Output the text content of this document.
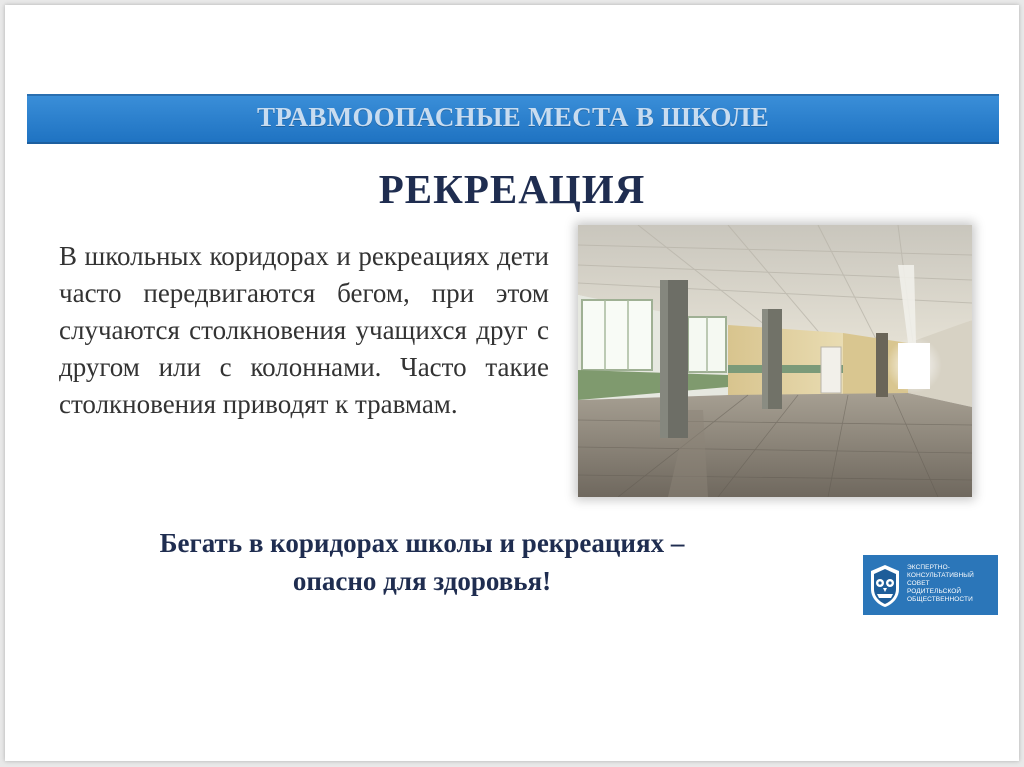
ТРАВМООПАСНЫЕ МЕСТА В ШКОЛЕ
РЕКРЕАЦИЯ
В школьных коридорах и рекреациях дети часто передвигаются бегом, при этом случаются столкновения учащихся друг с другом или с колоннами. Часто такие столкновения приводят к травмам.
Бегать в коридорах школы и рекреациях –
опасно для здоровья!	ЭКСПЕРТНО-
КОНСУЛЬТАТИВНЫЙ
СОВЕТ
РОДИТЕЛЬСКОЙ
ОБЩЕСТВЕННОСТИ
